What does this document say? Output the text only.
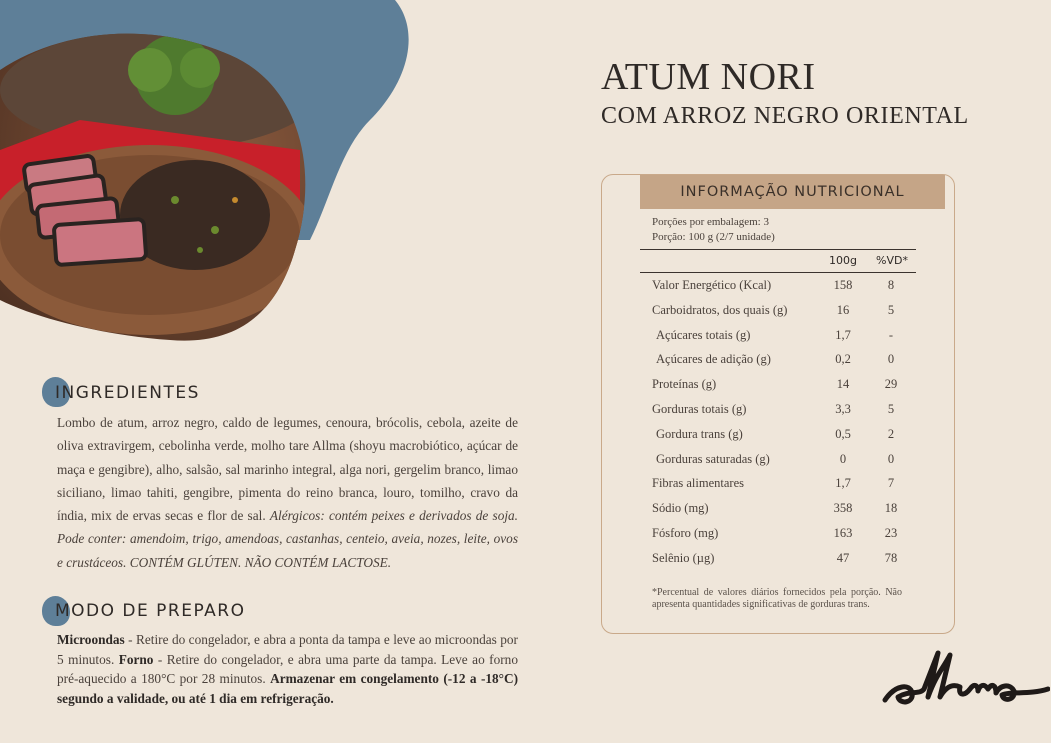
ATUM NORI
COM ARROZ NEGRO ORIENTAL
INFORMAÇÃO NUTRICIONAL
Porções por embalagem: 3
Porção: 100 g (2/7 unidade)
100g	%VD*
Valor Energético (Kcal)	158	8
Carboidratos, dos quais (g)	16	5
Açúcares totais (g)	1,7	-
Açúcares de adição (g)	0,2	0
Proteínas (g)	14	29
Gorduras totais (g)	3,3	5
Gordura trans (g)	0,5	2
Gorduras saturadas (g)	0	0
Fibras alimentares	1,7	7
Sódio (mg)	358	18
Fósforo (mg)	163	23
Selênio (µg)	47	78
*Percentual de valores diários fornecidos pela porção. Não apresenta quantidades significativas de gorduras trans.
INGREDIENTES
Lombo de atum, arroz negro, caldo de legumes, cenoura, brócolis, cebola, azeite de oliva extravirgem, cebolinha verde, molho tare Allma (shoyu macrobiótico, açúcar de maça e gengibre), alho, salsão, sal marinho integral, alga nori, gergelim branco, limao siciliano, limao tahiti, gengibre, pimenta do reino branca, louro, tomilho, cravo da índia, mix de ervas secas e flor de sal. Alérgicos: contém peixes e derivados de soja. Pode conter: amendoim, trigo, amendoas, castanhas, centeio, aveia, nozes, leite, ovos e crustáceos. CONTÉM GLÚTEN. NÃO CONTÉM LACTOSE.
MODO DE PREPARO
Microondas - Retire do congelador, e abra a ponta da tampa e leve ao microondas por 5 minutos. Forno - Retire do congelador, e abra uma parte da tampa. Leve ao forno pré-aquecido a 180°C por 28 minutos. Armazenar em congelamento (-12 a -18°C) segundo a validade, ou até 1 dia em refrigeração.
